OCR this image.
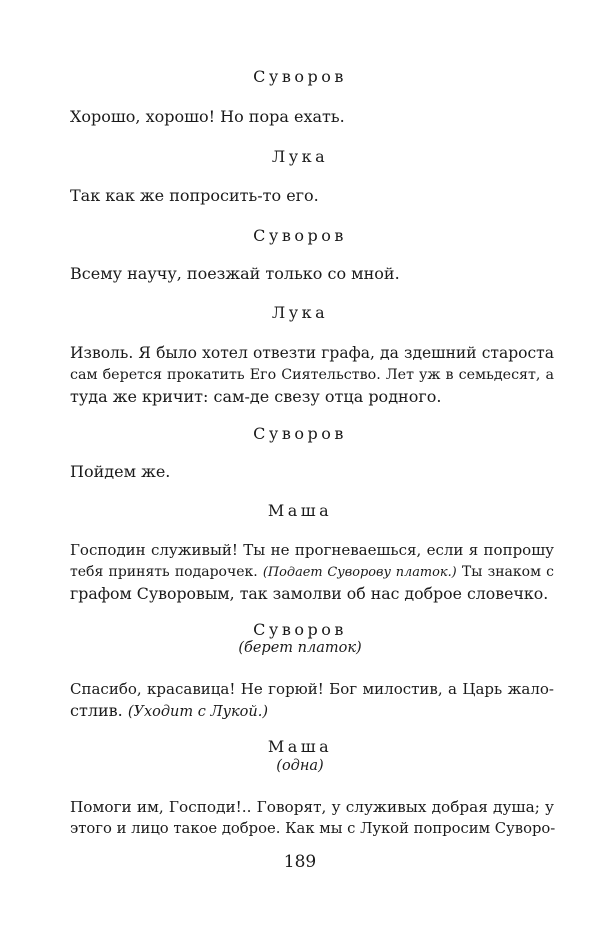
Суворов
Хорошо, хорошо! Но пора ехать.
Лука
Так как же попросить-то его.
Суворов
Всему научу, поезжай только со мной.
Лука
Изволь. Я было хотел отвезти графа, да здешний староста
сам берется прокатить Его Сиятельство. Лет уж в семьдесят, а
туда же кричит: сам-де свезу отца родного.
Суворов
Пойдем же.
Маша
Господин служивый! Ты не прогневаешься, если я попрошу
тебя принять подарочек. (Подает Суворову платок.) Ты знаком с
графом Суворовым, так замолви об нас доброе словечко.
Суворов
(берет платок)
Спасибо, красавица! Не горюй! Бог милостив, а Царь жало-
стлив. (Уходит с Лукой.)
Маша
(одна)
Помоги им, Господи!.. Говорят, у служивых добрая душа; у
этого и лицо такое доброе. Как мы с Лукой попросим Суворо-
189
